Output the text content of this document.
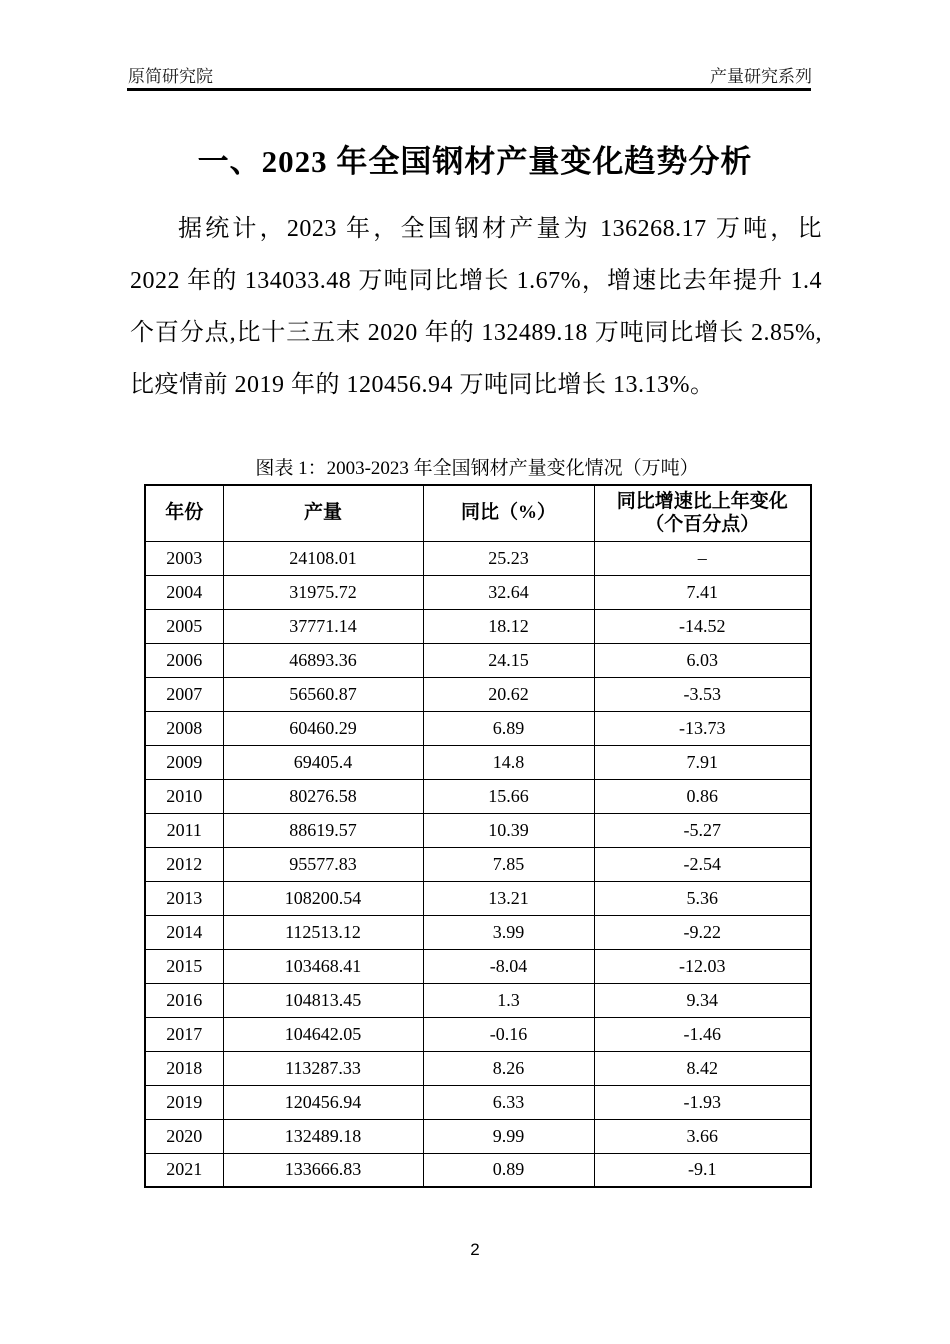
原简研究院	产量研究系列
一、2023 年全国钢材产量变化趋势分析

据统计，2023 年，全国钢材产量为 136268.17 万吨，比 2022 年的 134033.48 万吨同比增长 1.67%，增速比去年提升 1.4 个百分点,比十三五末 2020 年的 132489.18 万吨同比增长 2.85%,比疫情前 2019 年的 120456.94 万吨同比增长 13.13%。

图表 1：2003-2023 年全国钢材产量变化情况（万吨）
年份	产量	同比（%）	同比增速比上年变化
（个百分点）

2003	24108.01	25.23	–
2004	31975.72	32.64	7.41
2005	37771.14	18.12	-14.52
2006	46893.36	24.15	6.03
2007	56560.87	20.62	-3.53
2008	60460.29	6.89	-13.73
2009	69405.4	14.8	7.91
2010	80276.58	15.66	0.86
2011	88619.57	10.39	-5.27
2012	95577.83	7.85	-2.54
2013	108200.54	13.21	5.36
2014	112513.12	3.99	-9.22
2015	103468.41	-8.04	-12.03
2016	104813.45	1.3	9.34
2017	104642.05	-0.16	-1.46
2018	113287.33	8.26	8.42
2019	120456.94	6.33	-1.93
2020	132489.18	9.99	3.66
2021	133666.83	0.89	-9.1
2
